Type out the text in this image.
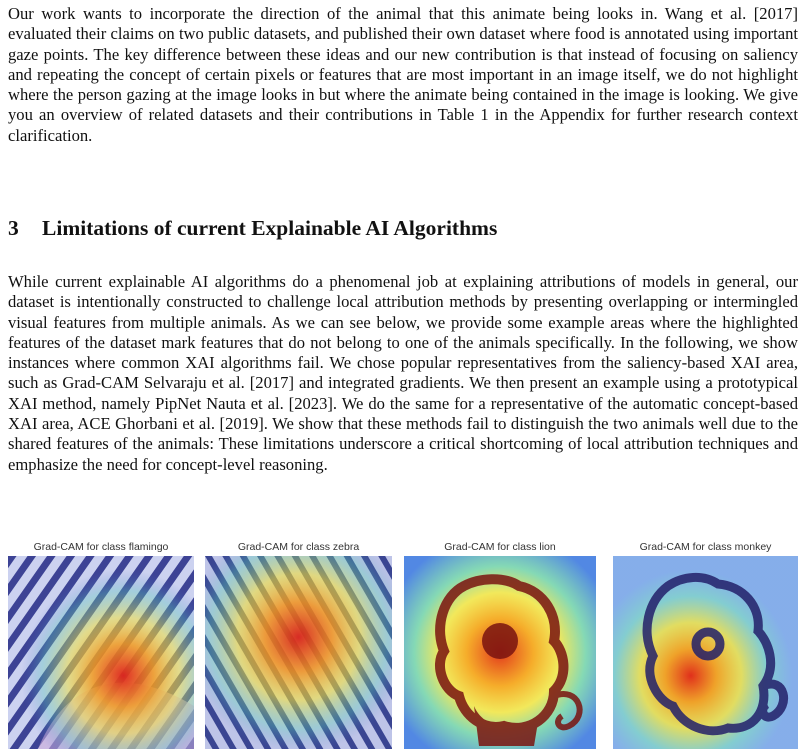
Our work wants to incorporate the direction of the animal that this animate being looks in. Wang et al. [2017] evaluated their claims on two public datasets, and published their own dataset where food is annotated using important gaze points. The key difference between these ideas and our new contribution is that instead of focusing on saliency and repeating the concept of certain pixels or features that are most important in an image itself, we do not highlight where the person gazing at the image looks in but where the animate being contained in the image is looking. We give you an overview of related datasets and their contributions in Table 1 in the Appendix for further research context clarification.

3 Limitations of current Explainable AI Algorithms

While current explainable AI algorithms do a phenomenal job at explaining attributions of models in general, our dataset is intentionally constructed to challenge local attribution methods by presenting overlapping or intermingled visual features from multiple animals. As we can see below, we provide some example areas where the highlighted features of the dataset mark features that do not belong to one of the animals specifically. In the following, we show instances where common XAI algorithms fail. We chose popular representatives from the saliency-based XAI area, such as Grad-CAM Selvaraju et al. [2017] and integrated gradients. We then present an example using a prototypical XAI method, namely PipNet Nauta et al. [2023]. We do the same for a representative of the automatic concept-based XAI area, ACE Ghorbani et al. [2019]. We show that these methods fail to distinguish the two animals well due to the shared features of the animals: These limitations underscore a critical shortcoming of local attribution techniques and emphasize the need for concept-level reasoning.

Grad-CAM for class flamingo	Grad-CAM for class zebra	Grad-CAM for class lion	Grad-CAM for class monkey
